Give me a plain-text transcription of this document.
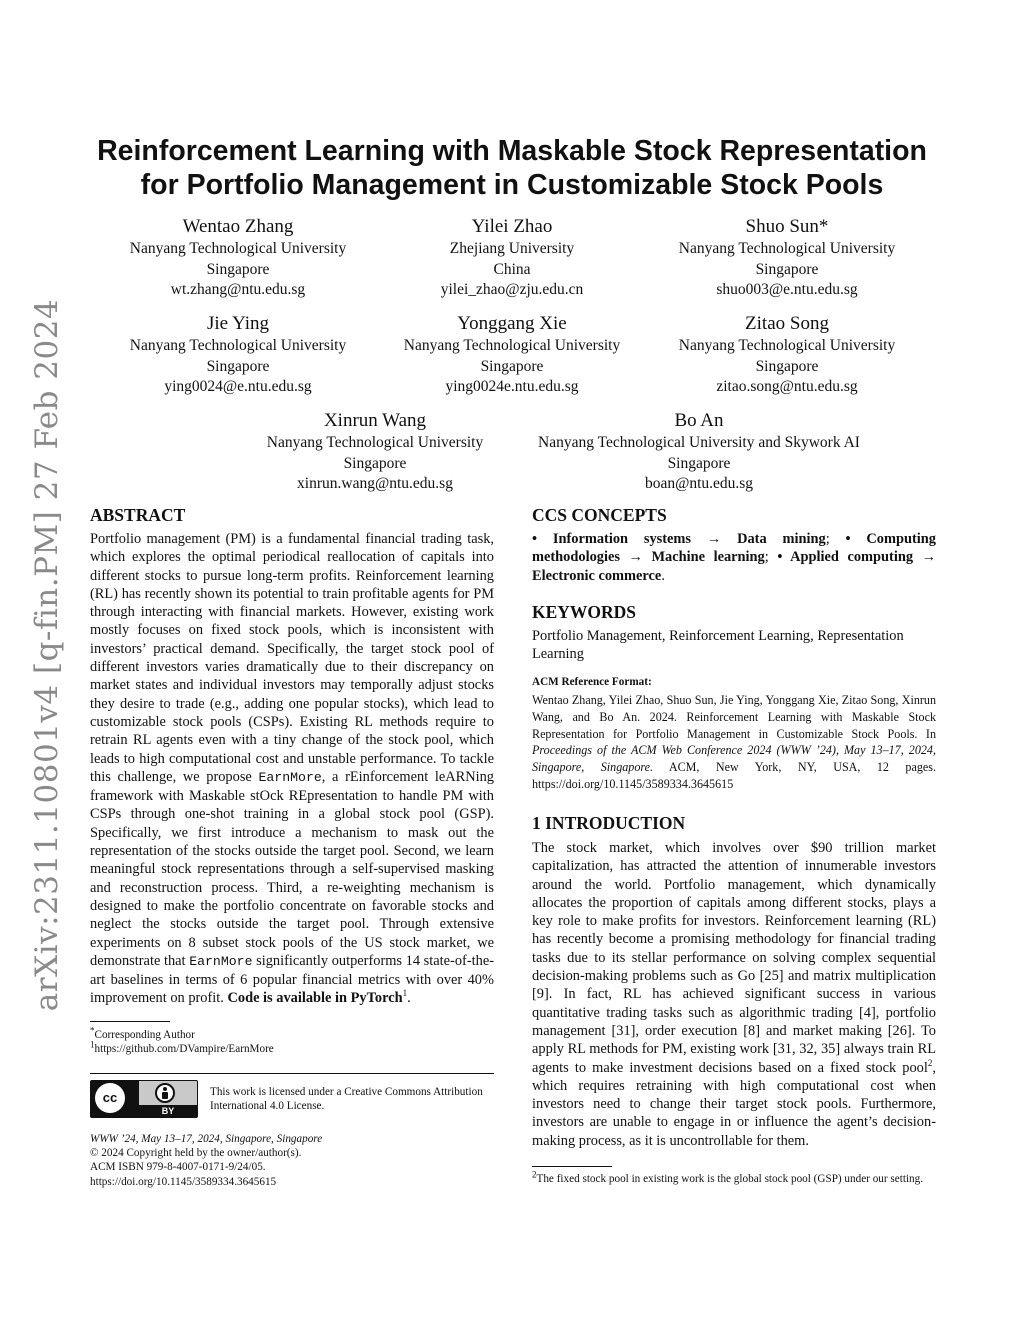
arXiv:2311.10801v4 [q-fin.PM] 27 Feb 2024
Reinforcement Learning with Maskable Stock Representation for Portfolio Management in Customizable Stock Pools
Wentao Zhang
Nanyang Technological University
Singapore
wt.zhang@ntu.edu.sg
Yilei Zhao
Zhejiang University
China
yilei_zhao@zju.edu.cn
Shuo Sun*
Nanyang Technological University
Singapore
shuo003@e.ntu.edu.sg
Jie Ying
Nanyang Technological University
Singapore
ying0024@e.ntu.edu.sg
Yonggang Xie
Nanyang Technological University
Singapore
ying0024e.ntu.edu.sg
Zitao Song
Nanyang Technological University
Singapore
zitao.song@ntu.edu.sg
Xinrun Wang
Nanyang Technological University
Singapore
xinrun.wang@ntu.edu.sg
Bo An
Nanyang Technological University and Skywork AI
Singapore
boan@ntu.edu.sg
ABSTRACT

Portfolio management (PM) is a fundamental financial trading task, which explores the optimal periodical reallocation of capitals into different stocks to pursue long-term profits. Reinforcement learning (RL) has recently shown its potential to train profitable agents for PM through interacting with financial markets. However, existing work mostly focuses on fixed stock pools, which is inconsistent with investors’ practical demand. Specifically, the target stock pool of different investors varies dramatically due to their discrepancy on market states and individual investors may temporally adjust stocks they desire to trade (e.g., adding one popular stocks), which lead to customizable stock pools (CSPs). Existing RL methods require to retrain RL agents even with a tiny change of the stock pool, which leads to high computational cost and unstable performance. To tackle this challenge, we propose EarnMore, a rEinforcement leARNing framework with Maskable stOck REpresentation to handle PM with CSPs through one-shot training in a global stock pool (GSP). Specifically, we first introduce a mechanism to mask out the representation of the stocks outside the target pool. Second, we learn meaningful stock representations through a self-supervised masking and reconstruction process. Third, a re-weighting mechanism is designed to make the portfolio concentrate on favorable stocks and neglect the stocks outside the target pool. Through extensive experiments on 8 subset stock pools of the US stock market, we demonstrate that EarnMore significantly outperforms 14 state-of-the-art baselines in terms of 6 popular financial metrics with over 40% improvement on profit. Code is available in PyTorch$^1$.

*Corresponding Author

$^1$https://github.com/DVampire/EarnMore

cc
BY

This work is licensed under a Creative Commons Attribution International 4.0 License.

WWW ’24, May 13–17, 2024, Singapore, Singapore
© 2024 Copyright held by the owner/author(s).
ACM ISBN 979-8-4007-0171-9/24/05.
https://doi.org/10.1145/3589334.3645615

CCS CONCEPTS

• Information systems → Data mining; • Computing methodologies → Machine learning; • Applied computing → Electronic commerce.

KEYWORDS

Portfolio Management, Reinforcement Learning, Representation Learning

ACM Reference Format:

Wentao Zhang, Yilei Zhao, Shuo Sun, Jie Ying, Yonggang Xie, Zitao Song, Xinrun Wang, and Bo An. 2024. Reinforcement Learning with Maskable Stock Representation for Portfolio Management in Customizable Stock Pools. In Proceedings of the ACM Web Conference 2024 (WWW ’24), May 13–17, 2024, Singapore, Singapore. ACM, New York, NY, USA, 12 pages. https://doi.org/10.1145/3589334.3645615

1 INTRODUCTION

The stock market, which involves over $90 trillion market capitalization, has attracted the attention of innumerable investors around the world. Portfolio management, which dynamically allocates the proportion of capitals among different stocks, plays a key role to make profits for investors. Reinforcement learning (RL) has recently become a promising methodology for financial trading tasks due to its stellar performance on solving complex sequential decision-making problems such as Go [25] and matrix multiplication [9]. In fact, RL has achieved significant success in various quantitative trading tasks such as algorithmic trading [4], portfolio management [31], order execution [8] and market making [26]. To apply RL methods for PM, existing work [31, 32, 35] always train RL agents to make investment decisions based on a fixed stock pool$^2$, which requires retraining with high computational cost when investors need to change their target stock pools. Furthermore, investors are unable to engage in or influence the agent’s decision-making process, as it is uncontrollable for them.

$^2$The fixed stock pool in existing work is the global stock pool (GSP) under our setting.
